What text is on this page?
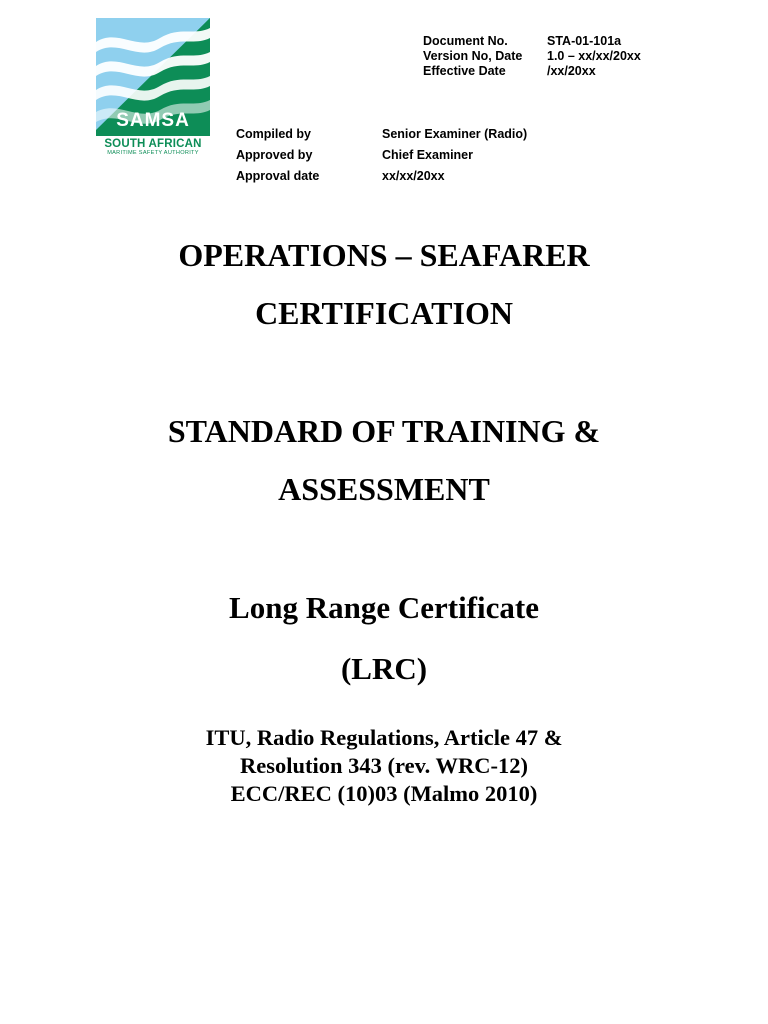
SAMSA
SOUTH AFRICAN
MARITIME SAFETY AUTHORITY
Document No.	STA-01-101a
Version No, Date	1.0 – xx/xx/20xx
Effective Date	/xx/20xx
Compiled by	Senior Examiner (Radio)
Approved by	Chief Examiner
Approval date	xx/xx/20xx
OPERATIONS – SEAFARER
CERTIFICATION
STANDARD OF TRAINING &
ASSESSMENT
Long Range Certificate
(LRC)
ITU, Radio Regulations, Article 47 &
Resolution 343 (rev. WRC-12)
ECC/REC (10)03 (Malmo 2010)
